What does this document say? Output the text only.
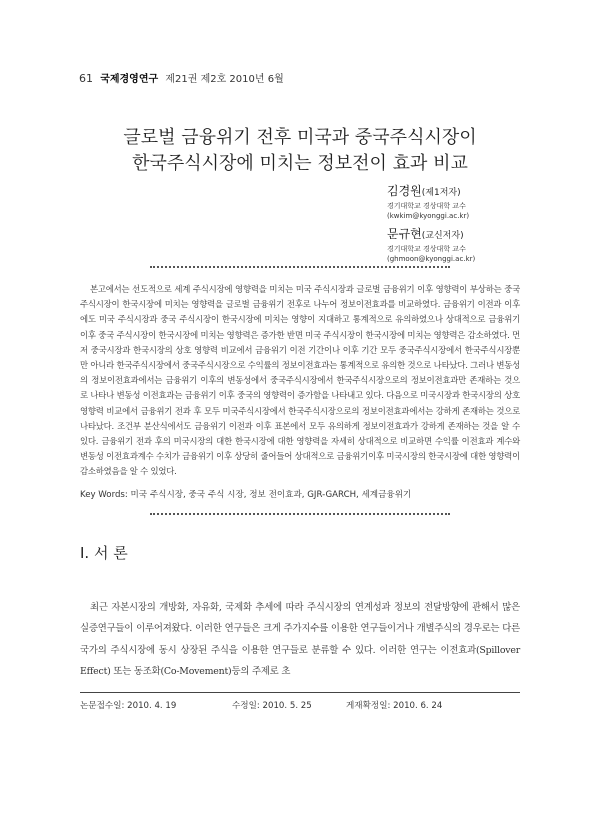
61 국제경영연구 제21권 제2호 2010년 6월
글로벌 금융위기 전후 미국과 중국주식시장이
한국주식시장에 미치는 정보전이 효과 비교
김경원(제1저자)
경기대학교 경상대학 교수
(kwkim@kyonggi.ac.kr)
문규현(교신저자)
경기대학교 경상대학 교수
(ghmoon@kyonggi.ac.kr)

본고에서는 선도적으로 세계 주식시장에 영향력을 미치는 미국 주식시장과 글로벌 금융위기 이후 영향력이 부상하는 중국 주식시장이 한국시장에 미치는 영향력을 글로벌 금융위기 전후로 나누어 정보이전효과를 비교하였다. 금융위기 이전과 이후에도 미국 주식시장과 중국 주식시장이 한국시장에 미치는 영향이 지대하고 통계적으로 유의하였으나 상대적으로 금융위기 이후 중국 주식시장이 한국시장에 미치는 영향력은 증가한 반면 미국 주식시장이 한국시장에 미치는 영향력은 감소하였다. 먼저 중국시장과 한국시장의 상호 영향력 비교에서 금융위기 이전 기간이나 이후 기간 모두 중국주식시장에서 한국주식시장뿐만 아니라 한국주식시장에서 중국주식시장으로 수익률의 정보이전효과는 통계적으로 유의한 것으로 나타났다. 그러나 변동성의 정보이전효과에서는 금융위기 이후의 변동성에서 중국주식시장에서 한국주식시장으로의 정보이전효과만 존재하는 것으로 나타나 변동성 이전효과는 금융위기 이후 중국의 영향력이 증가함을 나타내고 있다. 다음으로 미국시장과 한국시장의 상호 영향력 비교에서 금융위기 전과 후 모두 미국주식시장에서 한국주식시장으로의 정보이전효과에서는 강하게 존재하는 것으로 나타났다. 조건부 분산식에서도 금융위기 이전과 이후 표본에서 모두 유의하게 정보이전효과가 강하게 존재하는 것을 알 수 있다. 금융위기 전과 후의 미국시장의 대한 한국시장에 대한 영향력을 자세히 상대적으로 비교하면 수익률 이전효과 계수와 변동성 이전효과계수 수치가 금융위기 이후 상당히 줄어들어 상대적으로 금융위기이후 미국시장의 한국시장에 대한 영향력이 감소하였음을 알 수 있었다.

Key Words: 미국 주식시장, 중국 주식 시장, 정보 전이효과, GJR-GARCH, 세계금융위기
Ⅰ. 서 론

최근 자본시장의 개방화, 자유화, 국제화 추세에 따라 주식시장의 연계성과 정보의 전달방향에 관해서 많은 실증연구들이 이루어져왔다. 이러한 연구들은 크게 주가지수를 이용한 연구들이거나 개별주식의 경우로는 다른 국가의 주식시장에 동시 상장된 주식을 이용한 연구들로 분류할 수 있다. 이러한 연구는 이전효과(Spillover Effect) 또는 동조화(Co-Movement)등의 주제로 초

논문접수일: 2010. 4. 19	수정일: 2010. 5. 25	게재확정일: 2010. 6. 24
